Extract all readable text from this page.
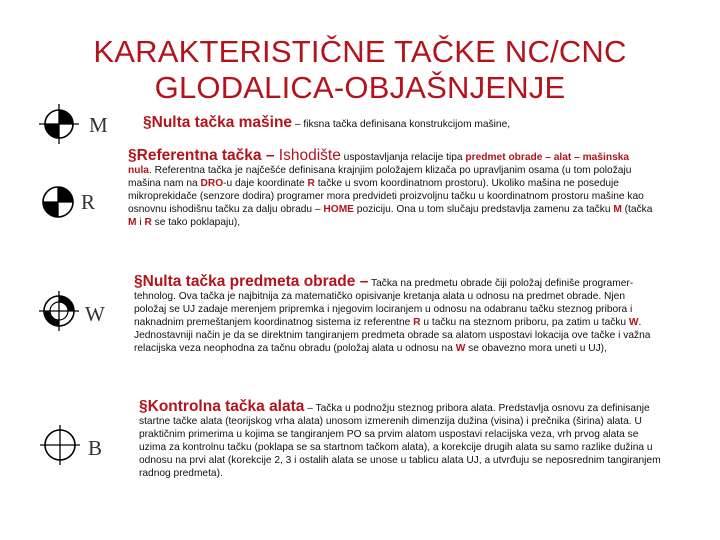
KARAKTERISTIČNE TAČKE NC/CNC
GLODALICA-OBJAŠNJENJE
M
R
W
B
§Nulta tačka mašine – fiksna tačka definisana konstrukcijom mašine,
§Referentna tačka – Ishodište uspostavljanja relacije tipa predmet obrade – alat – mašinska nula. Referentna tačka je najčešće definisana krajnjim položajem klizača po upravljanim osama (u tom položaju mašina nam na DRO-u daje koordinate R tačke u svom koordinatnom prostoru). Ukoliko mašina ne poseduje mikroprekidače (senzore dodira) programer mora predvideti proizvoljnu tačku u koordinatnom prostoru mašine kao osnovnu ishodišnu tačku za dalju obradu – HOME poziciju. Ona u tom slučaju predstavlja zamenu za tačku M (tačka M i R se tako poklapaju),
§Nulta tačka predmeta obrade – Tačka na predmetu obrade čiji položaj definiše programer-tehnolog. Ova tačka je najbitnija za matematičko opisivanje kretanja alata u odnosu na predmet obrade. Njen položaj se UJ zadaje merenjem pripremka i njegovim lociranjem u odnosu na odabranu tačku steznog pribora i naknadnim premeštanjem koordinatnog sistema iz referentne R u tačku na steznom priboru, pa zatim u tačku W. Jednostavniji način je da se direktnim tangiranjem predmeta obrade sa alatom uspostavi lokacija ove tačke i važna relacijska veza neophodna za tačnu obradu (položaj alata u odnosu na W se obavezno mora uneti u UJ),
§Kontrolna tačka alata – Tačka u podnožju steznog pribora alata. Predstavlja osnovu za definisanje startne tačke alata (teorijskog vrha alata) unosom izmerenih dimenzija dužina (visina) i prečnika (širina) alata. U praktičnim primerima u kojima se tangiranjem PO sa prvim alatom uspostavi relacijska veza, vrh prvog alata se uzima za kontrolnu tačku (poklapa se sa startnom tačkom alata), a korekcije drugih alata su samo razlike dužina u odnosu na prvi alat (korekcije 2, 3 i ostalih alata se unose u tablicu alata UJ, a utvrđuju se neposrednim tangiranjem radnog predmeta).
